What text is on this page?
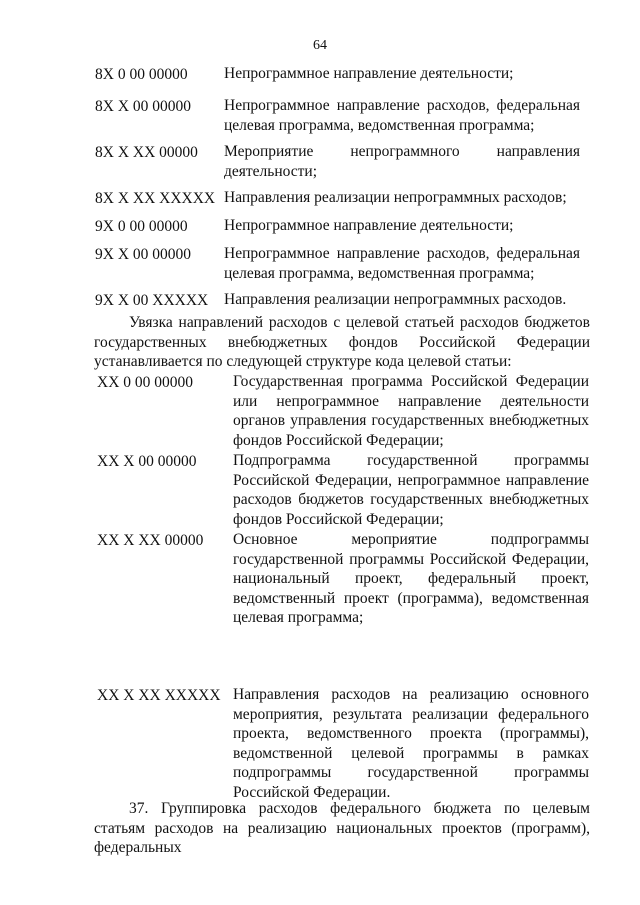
64
8Х 0 00 00000 Непрограммное направление деятельности;
8Х Х 00 00000 Непрограммное направление расходов, федеральная целевая программа, ведомственная программа;
8Х Х ХХ 00000 Мероприятие непрограммного направления деятельности;
8Х Х ХХ ХХХХХ Направления реализации непрограммных расходов;
9Х 0 00 00000 Непрограммное направление деятельности;
9Х Х 00 00000 Непрограммное направление расходов, федеральная целевая программа, ведомственная программа;
9Х Х 00 ХХХХХ Направления реализации непрограммных расходов.
Увязка направлений расходов с целевой статьей расходов бюджетов государственных внебюджетных фондов Российской Федерации устанавливается по следующей структуре кода целевой статьи:
ХХ 0 00 00000	Государственная программа Российской Федерации или непрограммное направление деятельности органов управления государственных внебюджетных фондов Российской Федерации;
ХХ Х 00 00000 Подпрограмма государственной программы Российской Федерации, непрограммное направление расходов бюджетов государственных внебюджетных фондов Российской Федерации;
ХХ Х ХХ 00000 Основное мероприятие подпрограммы государственной программы Российской Федерации, национальный проект, федеральный проект, ведомственный проект (программа), ведомственная целевая программа;
ХХ Х ХХ ХХХХХ Направления расходов на реализацию основного мероприятия, результата реализации федерального проекта, ведомственного проекта (программы), ведомственной целевой программы в рамках подпрограммы государственной программы Российской Федерации.
37. Группировка расходов федерального бюджета по целевым статьям расходов на реализацию национальных проектов (программ), федеральных
